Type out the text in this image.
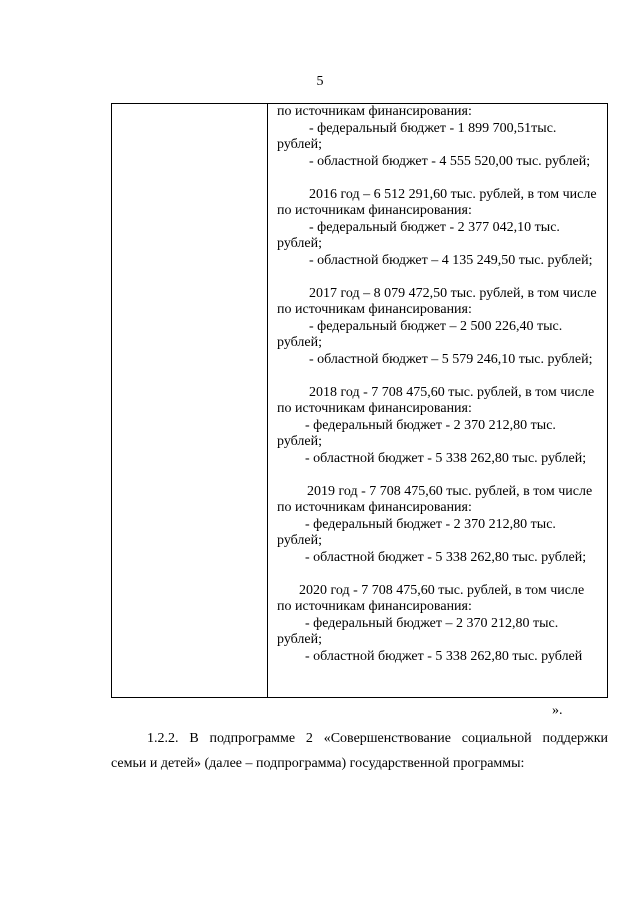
5
по источникам финансирования:
- федеральный бюджет - 1 899 700,51тыс.
рублей;
- областной бюджет - 4 555 520,00 тыс. рублей;
2016 год – 6 512 291,60 тыс. рублей, в том числе
по источникам финансирования:
- федеральный бюджет - 2 377 042,10 тыс.
рублей;
- областной бюджет – 4 135 249,50 тыс. рублей;
2017 год – 8 079 472,50 тыс. рублей, в том числе
по источникам финансирования:
- федеральный бюджет – 2 500 226,40 тыс.
рублей;
- областной бюджет – 5 579 246,10 тыс. рублей;
2018 год - 7 708 475,60 тыс. рублей, в том числе
по источникам финансирования:
- федеральный бюджет - 2 370 212,80 тыс.
рублей;
- областной бюджет - 5 338 262,80 тыс. рублей;
2019 год - 7 708 475,60 тыс. рублей, в том числе
по источникам финансирования:
- федеральный бюджет - 2 370 212,80 тыс.
рублей;
- областной бюджет - 5 338 262,80 тыс. рублей;
2020 год - 7 708 475,60 тыс. рублей, в том числе
по источникам финансирования:
- федеральный бюджет – 2 370 212,80 тыс.
рублей;
- областной бюджет - 5 338 262,80 тыс. рублей
».
1.2.2. В подпрограмме 2 «Совершенствование социальной поддержки
семьи и детей» (далее – подпрограмма) государственной программы:
